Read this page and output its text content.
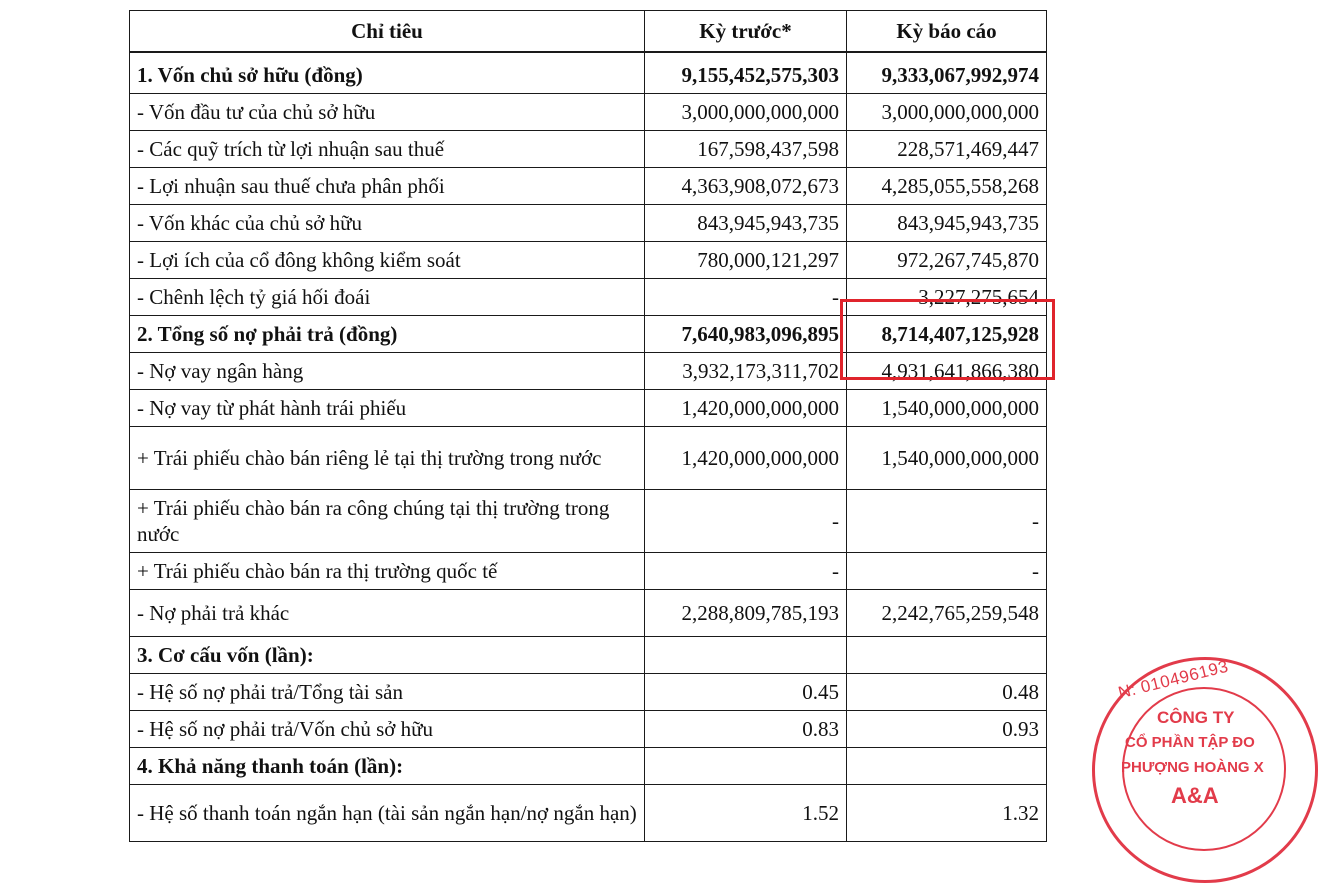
Chỉ tiêu	Kỳ trước*	Kỳ báo cáo
1. Vốn chủ sở hữu (đồng)	9,155,452,575,303	9,333,067,992,974
- Vốn đầu tư của chủ sở hữu	3,000,000,000,000	3,000,000,000,000
- Các quỹ trích từ lợi nhuận sau thuế	167,598,437,598	228,571,469,447
- Lợi nhuận sau thuế chưa phân phối	4,363,908,072,673	4,285,055,558,268
- Vốn khác của chủ sở hữu	843,945,943,735	843,945,943,735
- Lợi ích của cổ đông không kiểm soát	780,000,121,297	972,267,745,870
- Chênh lệch tỷ giá hối đoái	-	3,227,275,654
2. Tổng số nợ phải trả (đồng)	7,640,983,096,895	8,714,407,125,928
- Nợ vay ngân hàng	3,932,173,311,702	4,931,641,866,380
- Nợ vay từ phát hành trái phiếu	1,420,000,000,000	1,540,000,000,000
+ Trái phiếu chào bán riêng lẻ tại thị trường trong nước	1,420,000,000,000	1,540,000,000,000
+ Trái phiếu chào bán ra công chúng tại thị trường trong nước	-	-
+ Trái phiếu chào bán ra thị trường quốc tế	-	-
- Nợ phải trả khác	2,288,809,785,193	2,242,765,259,548
3. Cơ cấu vốn (lần):		
- Hệ số nợ phải trả/Tổng tài sản	0.45	0.48
- Hệ số nợ phải trả/Vốn chủ sở hữu	0.83	0.93
4. Khả năng thanh toán (lần):		
- Hệ số thanh toán ngắn hạn (tài sản ngắn hạn/nợ ngắn hạn)	1.52	1.32
N: 010496193
CÔNG TY
CỔ PHẦN TẬP ĐO
PHƯỢNG HOÀNG X
A&A
